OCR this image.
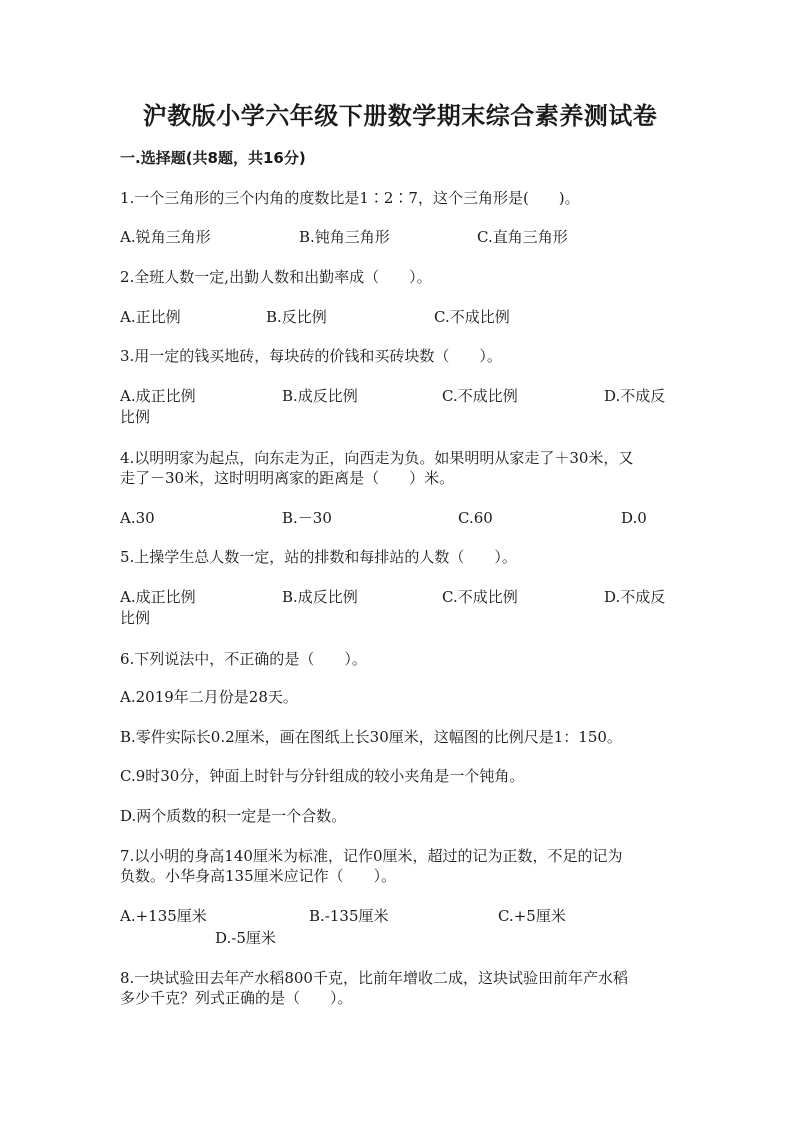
沪教版小学六年级下册数学期末综合素养测试卷
一.选择题(共8题，共16分)
1.一个三角形的三个内角的度数比是1∶2∶7，这个三角形是(　　)。
A.锐角三角形	B.钝角三角形	C.直角三角形
2.全班人数一定,出勤人数和出勤率成（　　）。
A.正比例	B.反比例	C.不成比例
3.用一定的钱买地砖，每块砖的价钱和买砖块数（　　）。
A.成正比例	B.成反比例	C.不成比例	D.不成反
比例
4.以明明家为起点，向东走为正，向西走为负。如果明明从家走了＋30米，又
走了－30米，这时明明离家的距离是（　　）米。
A.30	B.－30	C.60	D.0
5.上操学生总人数一定，站的排数和每排站的人数（　　）。
A.成正比例	B.成反比例	C.不成比例	D.不成反
比例
6.下列说法中，不正确的是（　　）。
A.2019年二月份是28天。
B.零件实际长0.2厘米，画在图纸上长30厘米，这幅图的比例尺是1：150。
C.9时30分，钟面上时针与分针组成的较小夹角是一个钝角。
D.两个质数的积一定是一个合数。
7.以小明的身高140厘米为标准，记作0厘米，超过的记为正数，不足的记为
负数。小华身高135厘米应记作（　　）。
A.+135厘米	B.-135厘米	C.+5厘米
D.-5厘米
8.一块试验田去年产水稻800千克，比前年增收二成，这块试验田前年产水稻
多少千克？列式正确的是（　　）。
